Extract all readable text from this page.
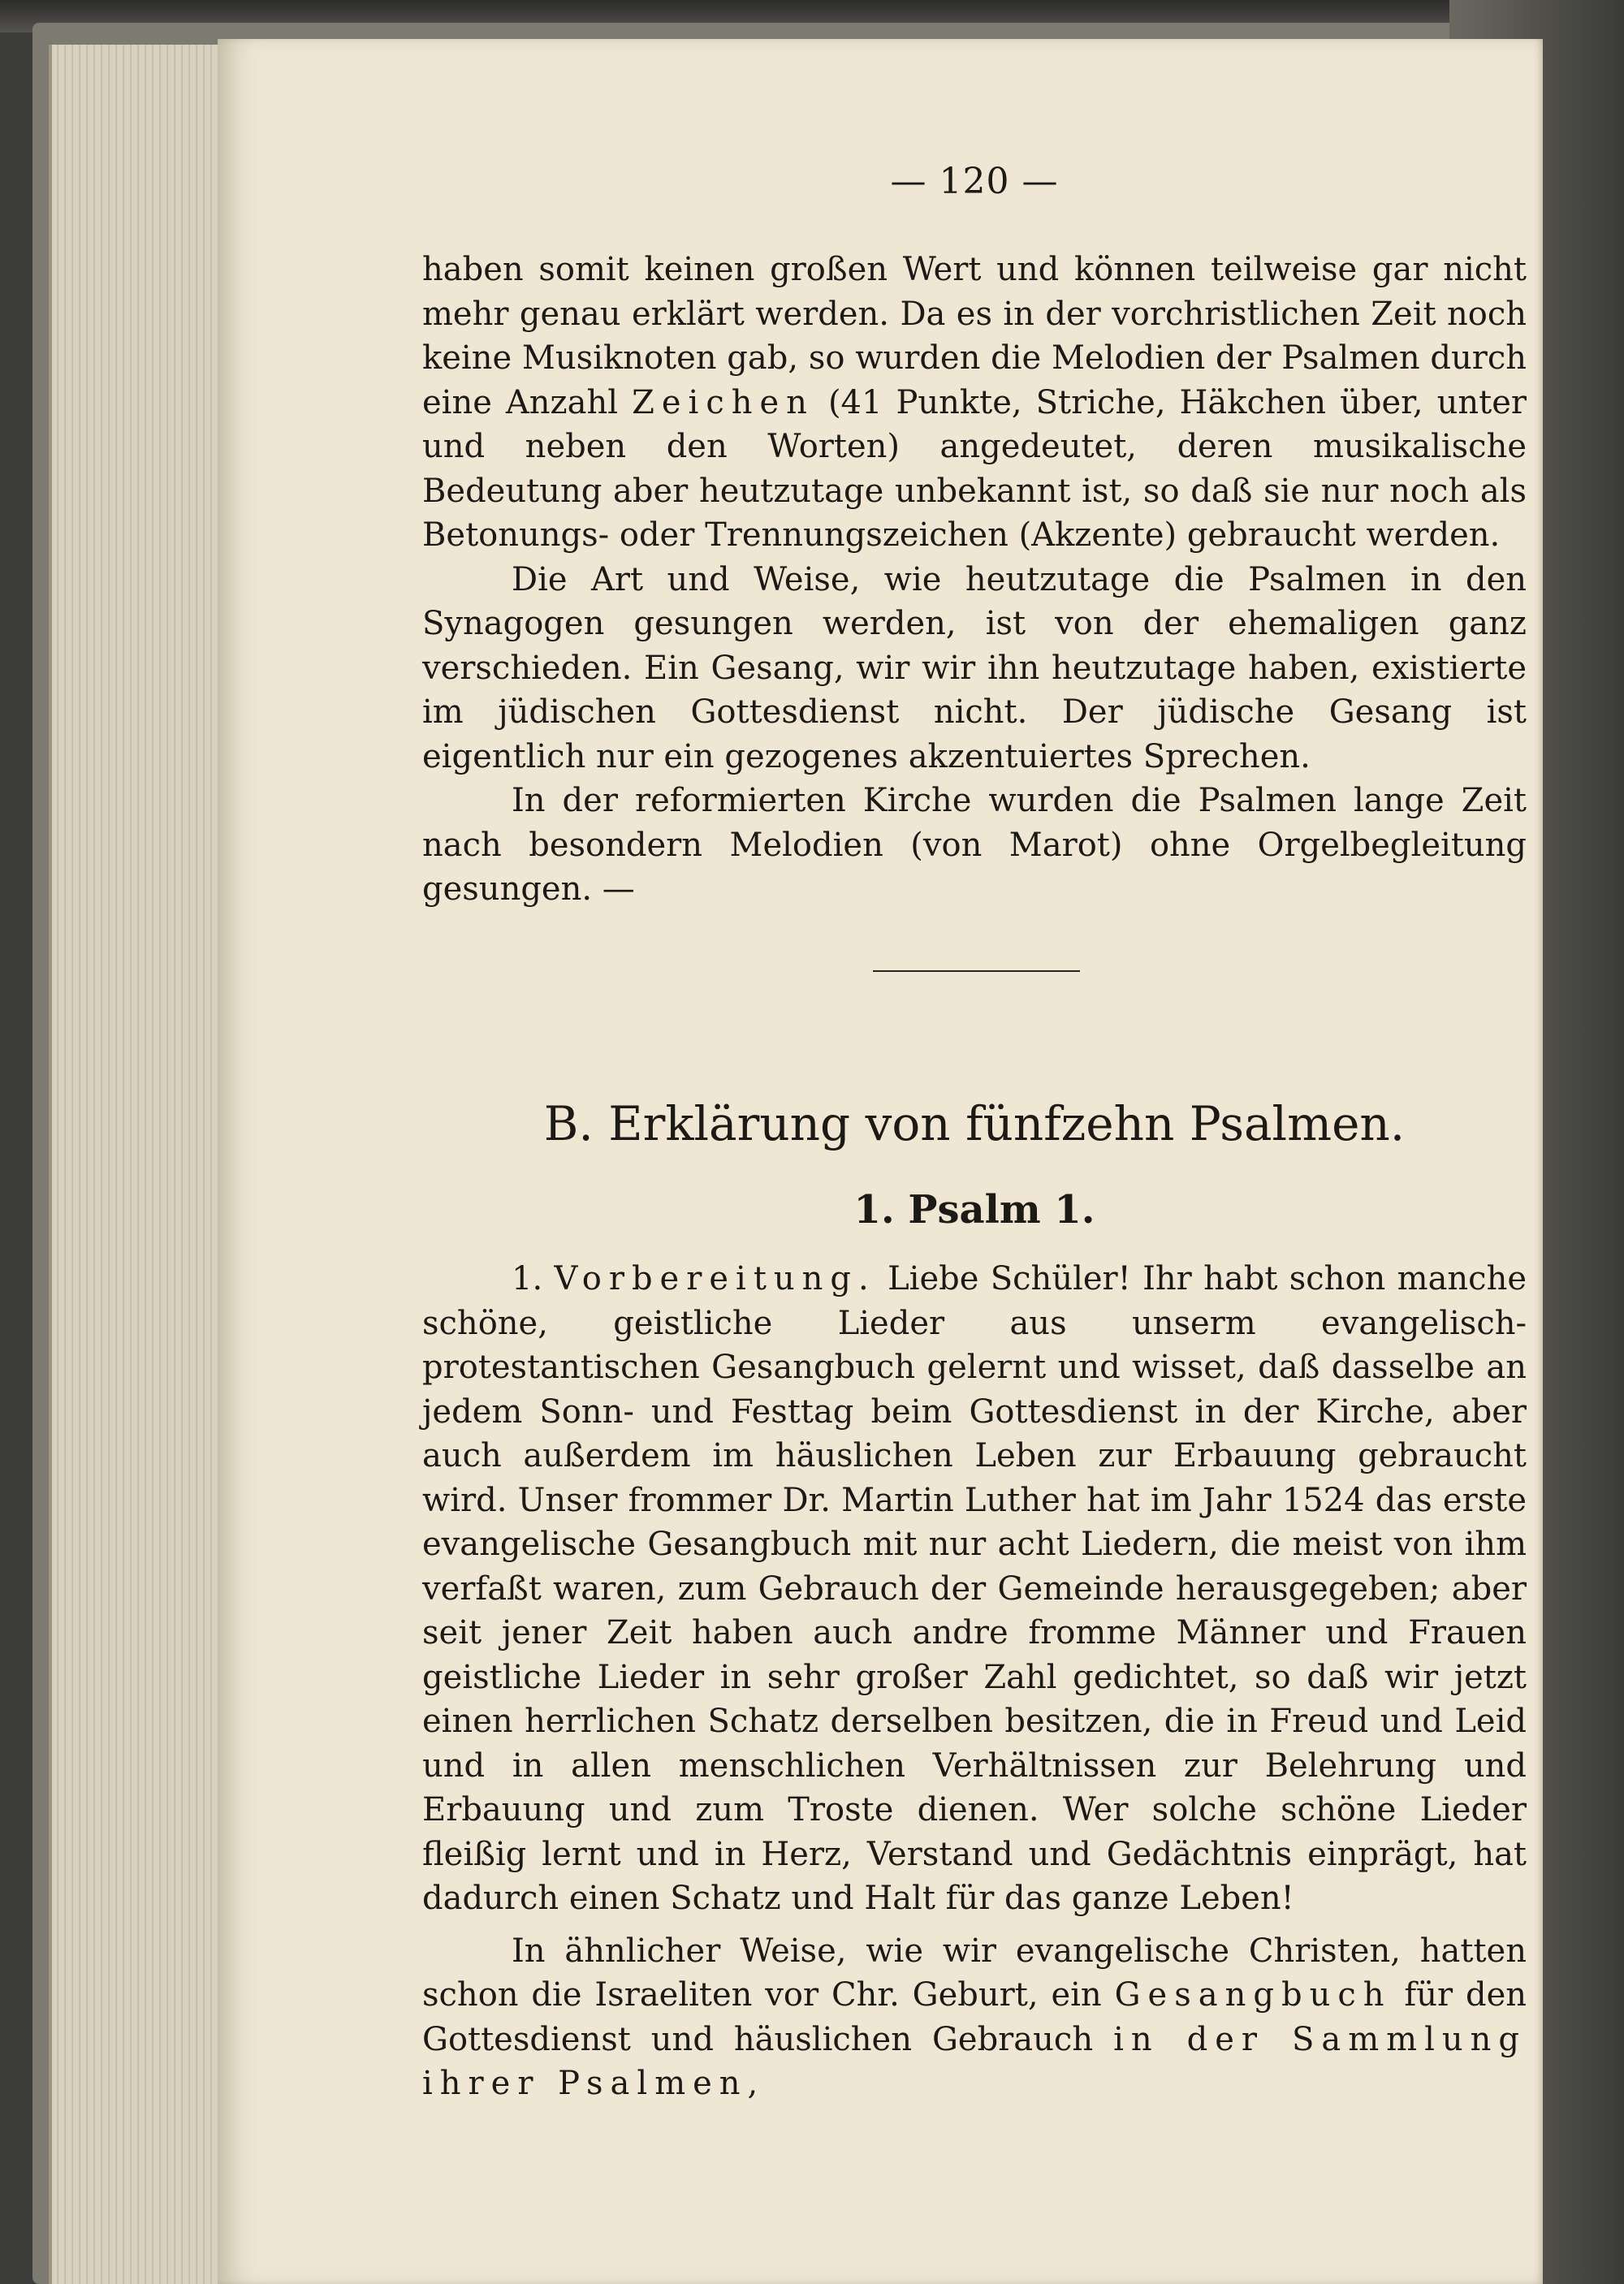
— 120 —

haben somit keinen großen Wert und können teilweise gar nicht mehr genau erklärt werden. Da es in der vorchristlichen Zeit noch keine Musiknoten gab, so wurden die Melodien der Psalmen durch eine Anzahl Zeichen (41 Punkte, Striche, Häkchen über, unter und neben den Worten) angedeutet, deren musikalische Bedeutung aber heutzutage unbekannt ist, so daß sie nur noch als Betonungs- oder Trennungszeichen (Akzente) gebraucht werden.

Die Art und Weise, wie heutzutage die Psalmen in den Synagogen gesungen werden, ist von der ehemaligen ganz verschieden. Ein Gesang, wir wir ihn heutzutage haben, existierte im jüdischen Gottesdienst nicht. Der jüdische Gesang ist eigentlich nur ein gezogenes akzentuiertes Sprechen.

In der reformierten Kirche wurden die Psalmen lange Zeit nach besondern Melodien (von Marot) ohne Orgelbegleitung gesungen. —

B. Erklärung von fünfzehn Psalmen.
1. Psalm 1.

1. Vorbereitung. Liebe Schüler! Ihr habt schon manche schöne, geistliche Lieder aus unserm evangelisch-protestantischen Gesangbuch gelernt und wisset, daß dasselbe an jedem Sonn- und Festtag beim Gottesdienst in der Kirche, aber auch außerdem im häuslichen Leben zur Erbauung gebraucht wird. Unser frommer Dr. Martin Luther hat im Jahr 1524 das erste evangelische Gesangbuch mit nur acht Liedern, die meist von ihm verfaßt waren, zum Gebrauch der Gemeinde herausgegeben; aber seit jener Zeit haben auch andre fromme Männer und Frauen geistliche Lieder in sehr großer Zahl gedichtet, so daß wir jetzt einen herrlichen Schatz derselben besitzen, die in Freud und Leid und in allen menschlichen Verhältnissen zur Belehrung und Erbauung und zum Troste dienen. Wer solche schöne Lieder fleißig lernt und in Herz, Verstand und Gedächtnis einprägt, hat dadurch einen Schatz und Halt für das ganze Leben!

In ähnlicher Weise, wie wir evangelische Christen, hatten schon die Israeliten vor Chr. Geburt, ein Gesangbuch für den Gottesdienst und häuslichen Gebrauch in der Sammlung ihrer Psalmen,
